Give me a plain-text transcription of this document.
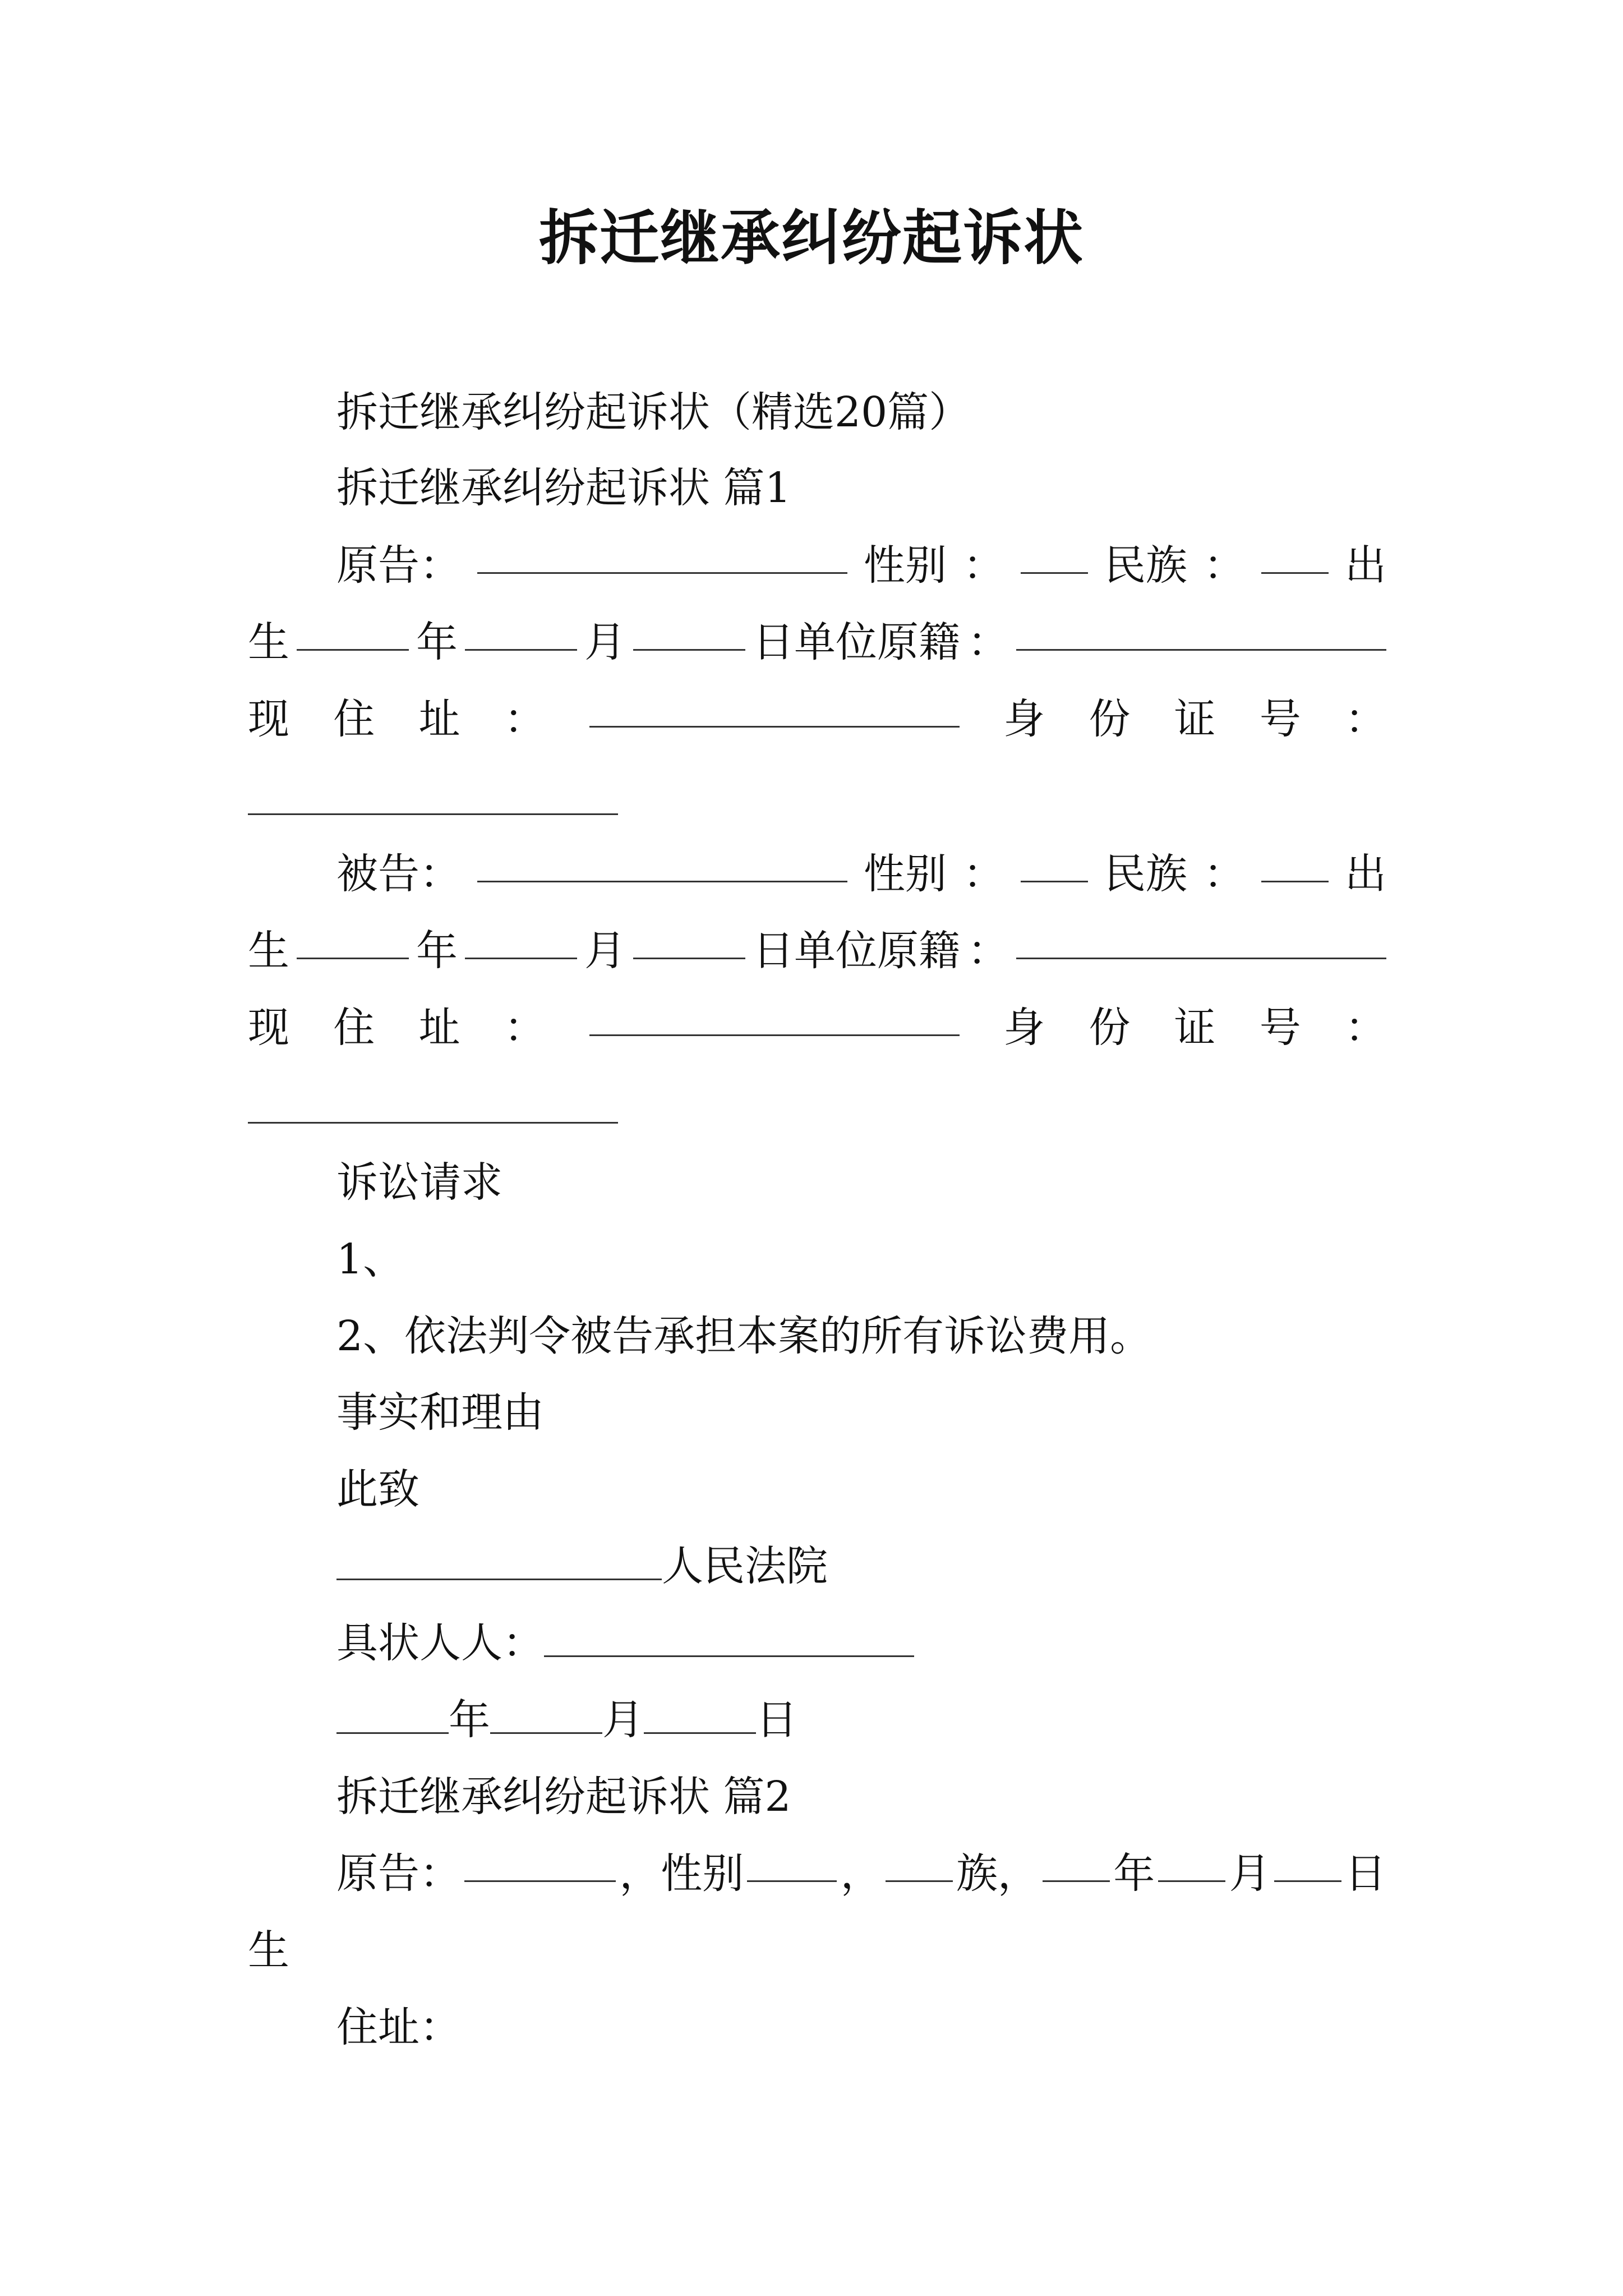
拆迁继承纠纷起诉状
拆迁继承纠纷起诉状（精选20篇）
拆迁继承纠纷起诉状 篇1
原告：	性别 ： 民族 ： 出
生	年	月	日单位原籍 ：
现 住 址 ：	身 份 证 号 ：
被告：	性别 ： 民族 ： 出
生	年	月	日单位原籍 ：
现 住 址 ：	身 份 证 号 ：
诉讼请求
1、
2、依法判令被告承担本案的所有诉讼费用。
事实和理由
此致
人民法院
具状人人：
年	月	日
拆迁继承纠纷起诉状 篇2
原告：	，性别 ， 族， 年 月 日
生
住址：
